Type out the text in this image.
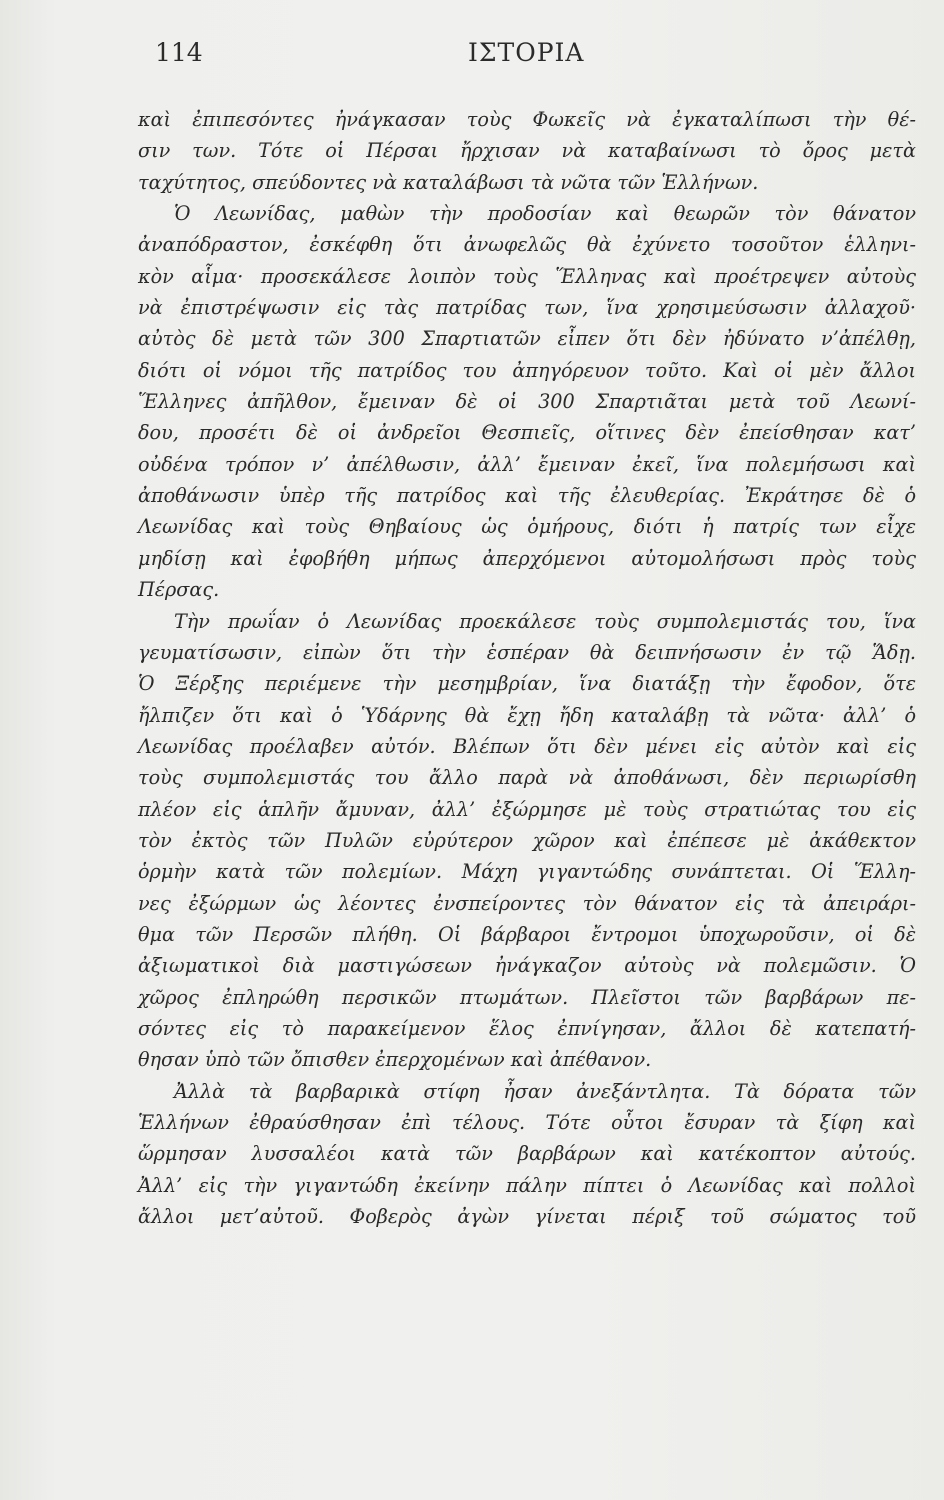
114	ΙΣΤΟΡΙΑ
καὶ ἐπιπεσόντες ἠνάγκασαν τοὺς Φωκεῖς νὰ ἐγκαταλίπωσι τὴν θέ-
σιν των. Τότε οἱ Πέρσαι ἤρχισαν νὰ καταβαίνωσι τὸ ὄρος μετὰ
ταχύτητος, σπεύδοντες νὰ καταλάβωσι τὰ νῶτα τῶν Ἑλλήνων.
Ὁ Λεωνίδας, μαθὼν τὴν προδοσίαν καὶ θεωρῶν τὸν θάνατον
ἀναπόδραστον, ἐσκέφθη ὅτι ἀνωφελῶς θὰ ἐχύνετο τοσοῦτον ἑλληνι-
κὸν αἷμα· προσεκάλεσε λοιπὸν τοὺς Ἕλληνας καὶ προέτρεψεν αὐτοὺς
νὰ ἐπιστρέψωσιν εἰς τὰς πατρίδας των, ἵνα χρησιμεύσωσιν ἀλλαχοῦ·
αὐτὸς δὲ μετὰ τῶν 300 Σπαρτιατῶν εἶπεν ὅτι δὲν ἠδύνατο ν’ἀπέλθῃ,
διότι οἱ νόμοι τῆς πατρίδος του ἀπηγόρευον τοῦτο. Καὶ οἱ μὲν ἄλλοι
Ἕλληνες ἀπῆλθον, ἔμειναν δὲ οἱ 300 Σπαρτιᾶται μετὰ τοῦ Λεωνί-
δου, προσέτι δὲ οἱ ἀνδρεῖοι Θεσπιεῖς, οἵτινες δὲν ἐπείσθησαν κατ’
οὐδένα τρόπον ν’ ἀπέλθωσιν, ἀλλ’ ἔμειναν ἐκεῖ, ἵνα πολεμήσωσι καὶ
ἀποθάνωσιν ὑπὲρ τῆς πατρίδος καὶ τῆς ἐλευθερίας. Ἐκράτησε δὲ ὁ
Λεωνίδας καὶ τοὺς Θηβαίους ὡς ὁμήρους, διότι ἡ πατρίς των εἶχε
μηδίσῃ καὶ ἐφοβήθη μήπως ἀπερχόμενοι αὐτομολήσωσι πρὸς τοὺς
Πέρσας.
Τὴν πρωΐαν ὁ Λεωνίδας προεκάλεσε τοὺς συμπολεμιστάς του, ἵνα
γευματίσωσιν, εἰπὼν ὅτι τὴν ἑσπέραν θὰ δειπνήσωσιν ἐν τῷ Ἅδῃ.
Ὁ Ξέρξης περιέμενε τὴν μεσημβρίαν, ἵνα διατάξῃ τὴν ἔφοδον, ὅτε
ἤλπιζεν ὅτι καὶ ὁ Ὑδάρνης θὰ ἔχῃ ἤδη καταλάβῃ τὰ νῶτα· ἀλλ’ ὁ
Λεωνίδας προέλαβεν αὐτόν. Βλέπων ὅτι δὲν μένει εἰς αὐτὸν καὶ εἰς
τοὺς συμπολεμιστάς του ἄλλο παρὰ νὰ ἀποθάνωσι, δὲν περιωρίσθη
πλέον εἰς ἁπλῆν ἄμυναν, ἀλλ’ ἐξώρμησε μὲ τοὺς στρατιώτας του εἰς
τὸν ἐκτὸς τῶν Πυλῶν εὐρύτερον χῶρον καὶ ἐπέπεσε μὲ ἀκάθεκτον
ὁρμὴν κατὰ τῶν πολεμίων. Μάχη γιγαντώδης συνάπτεται. Οἱ Ἕλλη-
νες ἐξώρμων ὡς λέοντες ἐνσπείροντες τὸν θάνατον εἰς τὰ ἀπειράρι-
θμα τῶν Περσῶν πλήθη. Οἱ βάρβαροι ἔντρομοι ὑποχωροῦσιν, οἱ δὲ
ἀξιωματικοὶ διὰ μαστιγώσεων ἠνάγκαζον αὐτοὺς νὰ πολεμῶσιν. Ὁ
χῶρος ἐπληρώθη περσικῶν πτωμάτων. Πλεῖστοι τῶν βαρβάρων πε-
σόντες εἰς τὸ παρακείμενον ἕλος ἐπνίγησαν, ἄλλοι δὲ κατεπατή-
θησαν ὑπὸ τῶν ὄπισθεν ἐπερχομένων καὶ ἀπέθανον.
Ἀλλὰ τὰ βαρβαρικὰ στίφη ἦσαν ἀνεξάντλητα. Τὰ δόρατα τῶν
Ἑλλήνων ἐθραύσθησαν ἐπὶ τέλους. Τότε οὗτοι ἔσυραν τὰ ξίφη καὶ
ὥρμησαν λυσσαλέοι κατὰ τῶν βαρβάρων καὶ κατέκοπτον αὐτούς.
Ἀλλ’ εἰς τὴν γιγαντώδη ἐκείνην πάλην πίπτει ὁ Λεωνίδας καὶ πολλοὶ
ἄλλοι μετ’αὐτοῦ. Φοβερὸς ἀγὼν γίνεται πέριξ τοῦ σώματος τοῦ
